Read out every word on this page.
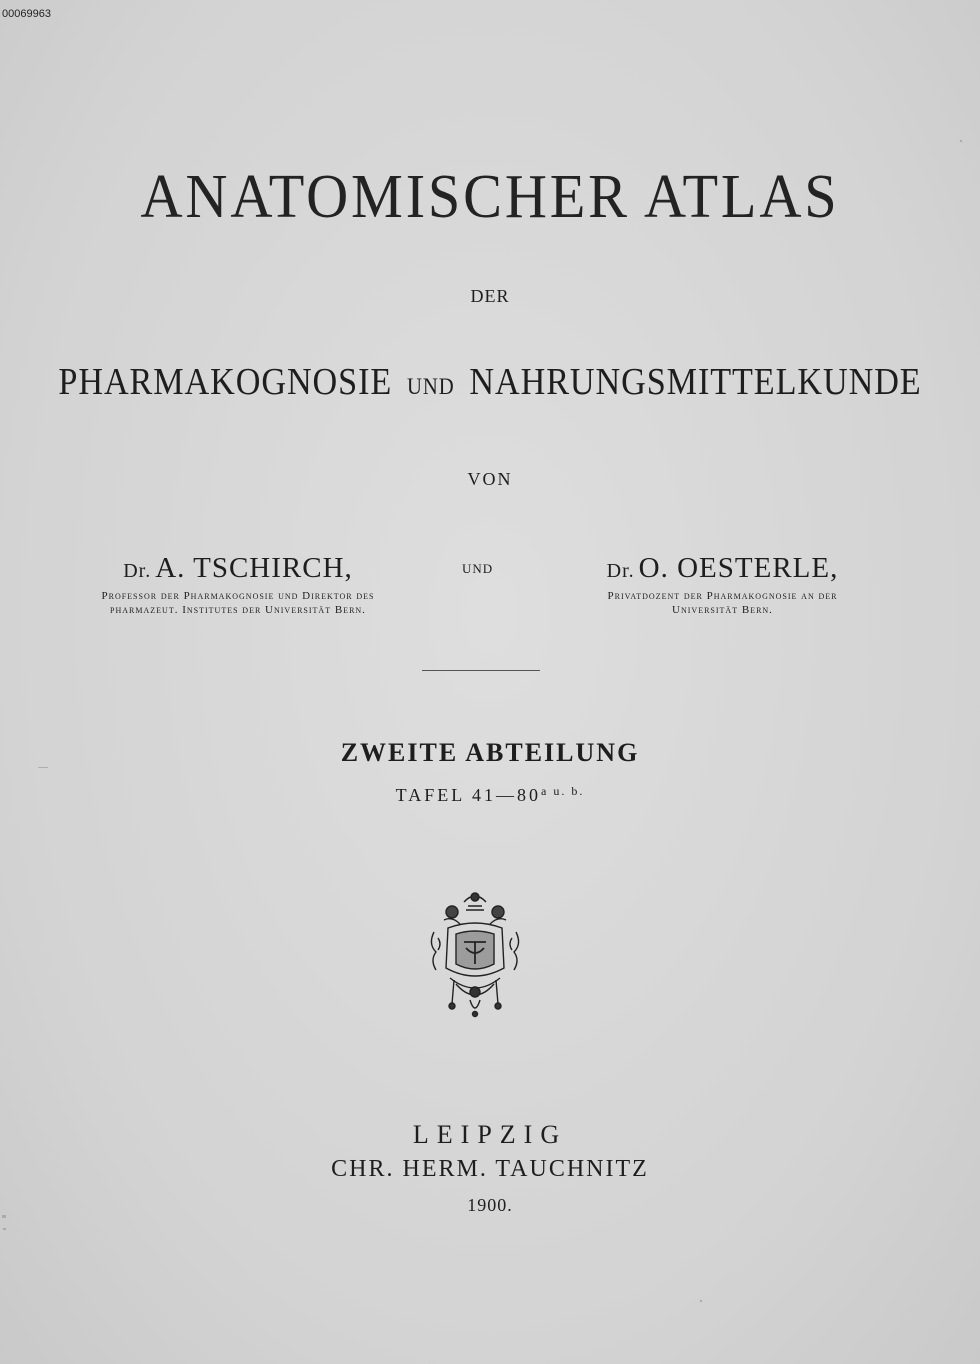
00069963
ANATOMISCHER ATLAS
DER
PHARMAKOGNOSIE UND NAHRUNGSMITTELKUNDE
VON
Dr. A. TSCHIRCH,
Professor der Pharmakognosie und Direktor des
pharmazeut. Institutes der Universität Bern.
UND	Dr. O. OESTERLE,
Privatdozent der Pharmakognosie an der
Universität Bern.
ZWEITE ABTEILUNG
TAFEL $41—80^{a u. b.}$
LEIPZIG
CHR. HERM. TAUCHNITZ
1900.
